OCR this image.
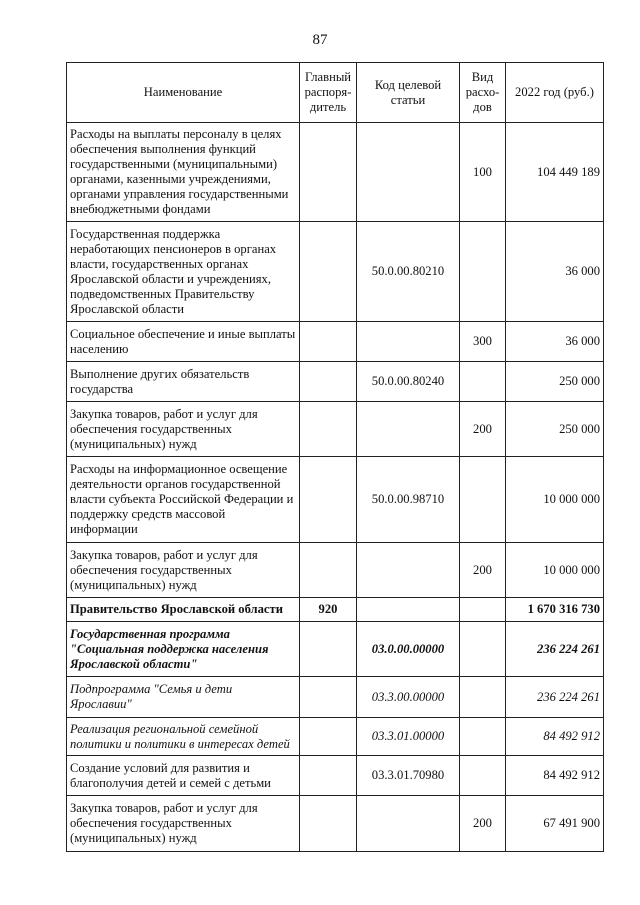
87
Наименование	Главный распоря-дитель	Код целевой статьи	Вид расхо-дов	2022 год (руб.)
Расходы на выплаты персоналу в целях обеспечения выполнения функций государственными (муниципальными) органами, казенными учреждениями, органами управления государственными внебюджетными фондами			100	104 449 189
Государственная поддержка неработающих пенсионеров в органах власти, государственных органах Ярославской области и учреждениях, подведомственных Правительству Ярославской области		50.0.00.80210		36 000
Социальное обеспечение и иные выплаты населению			300	36 000
Выполнение других обязательств государства		50.0.00.80240		250 000
Закупка товаров, работ и услуг для обеспечения государственных (муниципальных) нужд			200	250 000
Расходы на информационное освещение деятельности органов государственной власти субъекта Российской Федерации и поддержку средств массовой информации		50.0.00.98710		10 000 000
Закупка товаров, работ и услуг для обеспечения государственных (муниципальных) нужд			200	10 000 000
Правительство Ярославской области	920			1 670 316 730
Государственная программа "Социальная поддержка населения Ярославской области"		03.0.00.00000		236 224 261
Подпрограмма "Семья и дети Ярославии"		03.3.00.00000		236 224 261
Реализация региональной семейной политики и политики в интересах детей		03.3.01.00000		84 492 912
Создание условий для развития и благополучия детей и семей с детьми		03.3.01.70980		84 492 912
Закупка товаров, работ и услуг для обеспечения государственных (муниципальных) нужд			200	67 491 900
